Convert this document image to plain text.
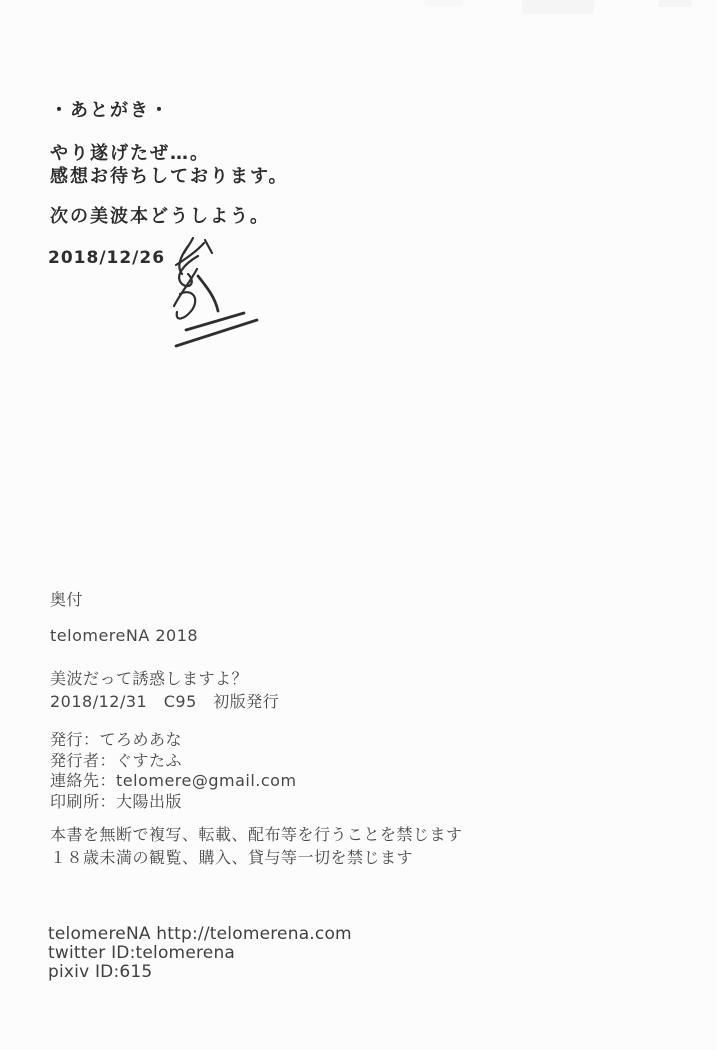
・あとがき・
やり遂げたぜ…。
感想お待ちしております。
次の美波本どうしよう。
2018/12/26
奥付
telomereNA 2018
美波だって誘惑しますよ？
2018/12/31　C95　初版発行
発行：てろめあな
発行者：ぐすたふ
連絡先：telomere@gmail.com
印刷所：大陽出版
本書を無断で複写、転載、配布等を行うことを禁じます
１８歳未満の観覧、購入、貸与等一切を禁じます
telomereNA http://telomerena.com
twitter ID:telomerena
pixiv ID:615
